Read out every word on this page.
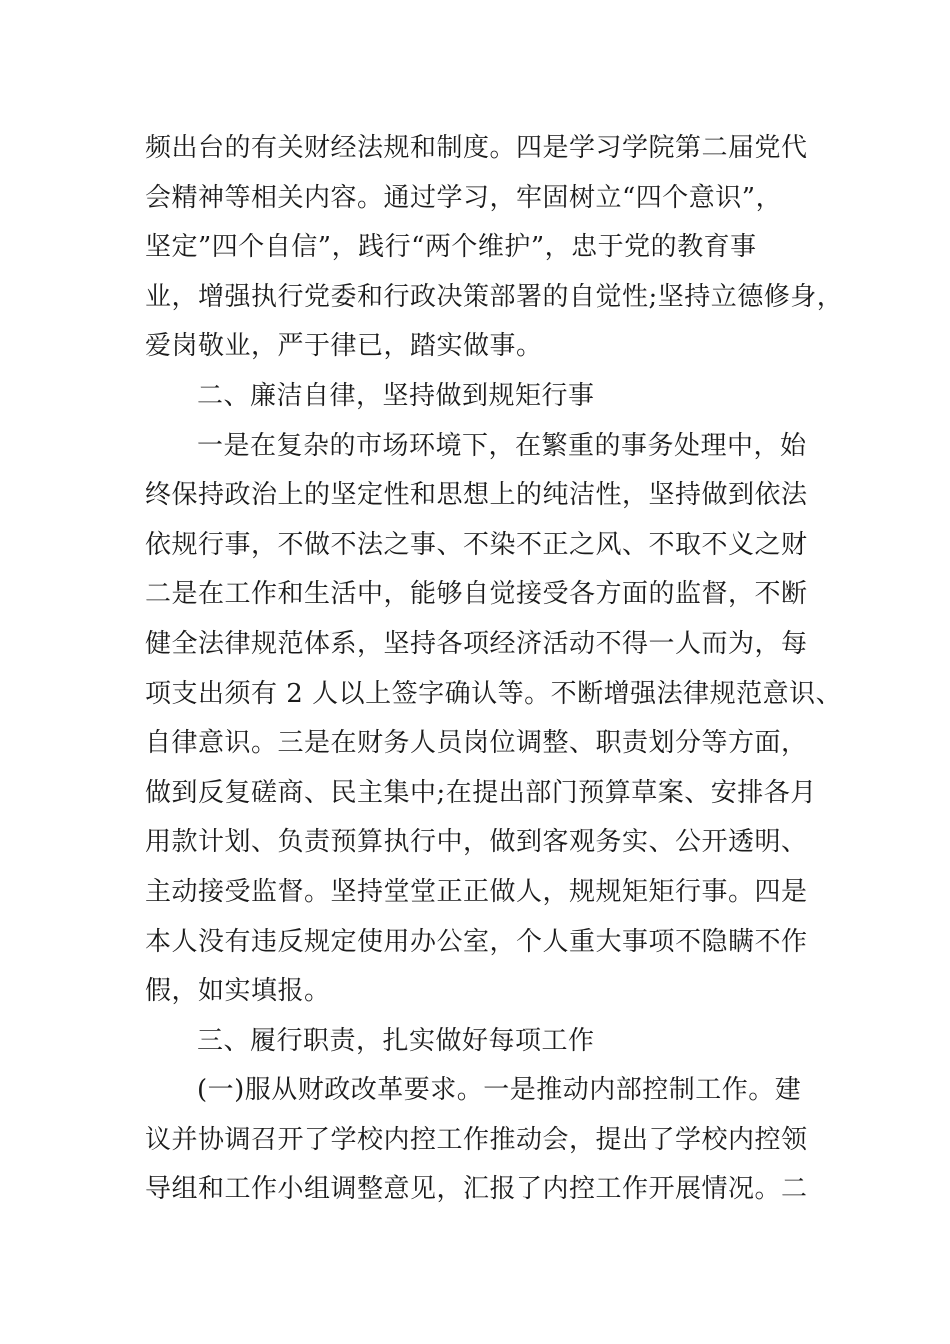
频出台的有关财经法规和制度。四是学习学院第二届党代
会精神等相关内容。通过学习，牢固树立“四个意识”，
坚定”四个自信”，践行“两个维护”，忠于党的教育事
业，增强执行党委和行政决策部署的自觉性;坚持立德修身，
爱岗敬业，严于律已，踏实做事。
二、廉洁自律，坚持做到规矩行事
一是在复杂的市场环境下，在繁重的事务处理中，始
终保持政治上的坚定性和思想上的纯洁性，坚持做到依法
依规行事，不做不法之事、不染不正之风、不取不义之财
二是在工作和生活中，能够自觉接受各方面的监督，不断
健全法律规范体系，坚持各项经济活动不得一人而为，每
项支出须有 2 人以上签字确认等。不断增强法律规范意识、
自律意识。三是在财务人员岗位调整、职责划分等方面，
做到反复磋商、民主集中;在提出部门预算草案、安排各月
用款计划、负责预算执行中，做到客观务实、公开透明、
主动接受监督。坚持堂堂正正做人，规规矩矩行事。四是
本人没有违反规定使用办公室，个人重大事项不隐瞒不作
假，如实填报。
三、履行职责，扎实做好每项工作
(一)服从财政改革要求。一是推动内部控制工作。建
议并协调召开了学校内控工作推动会，提出了学校内控领
导组和工作小组调整意见，汇报了内控工作开展情况。二
